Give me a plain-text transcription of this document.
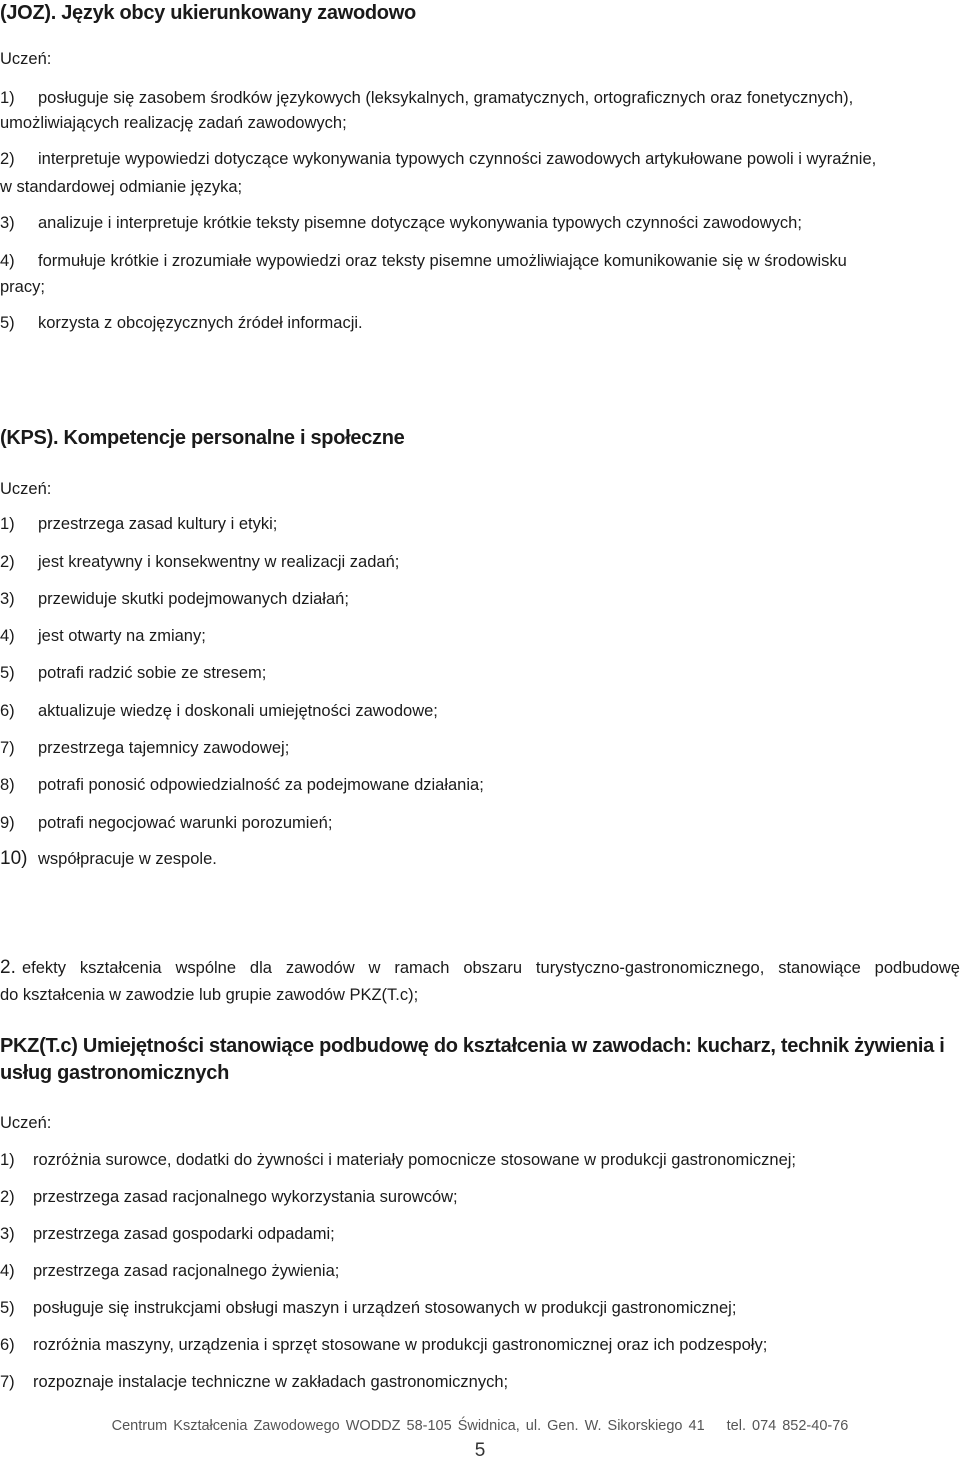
(JOZ). Język obcy ukierunkowany zawodowo
Uczeń:
1) posługuje się zasobem środków językowych (leksykalnych, gramatycznych, ortograficznych oraz fonetycznych),
umożliwiających realizację zadań zawodowych;
2) interpretuje wypowiedzi dotyczące wykonywania typowych czynności zawodowych artykułowane powoli i wyraźnie,
w standardowej odmianie języka;
3) analizuje i interpretuje krótkie teksty pisemne dotyczące wykonywania typowych czynności zawodowych;
4) formułuje krótkie i zrozumiałe wypowiedzi oraz teksty pisemne umożliwiające komunikowanie się w środowisku
pracy;
5) korzysta z obcojęzycznych źródeł informacji.
(KPS). Kompetencje personalne i społeczne
Uczeń:
1) przestrzega zasad kultury i etyki;
2) jest kreatywny i konsekwentny w realizacji zadań;
3) przewiduje skutki podejmowanych działań;
4) jest otwarty na zmiany;
5) potrafi radzić sobie ze stresem;
6) aktualizuje wiedzę i doskonali umiejętności zawodowe;
7) przestrzega tajemnicy zawodowej;
8) potrafi ponosić odpowiedzialność za podejmowane działania;
9) potrafi negocjować warunki porozumień;
10) współpracuje w zespole.
2. efekty kształcenia wspólne dla zawodów w ramach obszaru turystyczno-gastronomicznego, stanowiące podbudowę
do kształcenia w zawodzie lub grupie zawodów PKZ(T.c);
PKZ(T.c) Umiejętności stanowiące podbudowę do kształcenia w zawodach: kucharz, technik żywienia i
usług gastronomicznych
Uczeń:
1) rozróżnia surowce, dodatki do żywności i materiały pomocnicze stosowane w produkcji gastronomicznej;
2) przestrzega zasad racjonalnego wykorzystania surowców;
3) przestrzega zasad gospodarki odpadami;
4) przestrzega zasad racjonalnego żywienia;
5) posługuje się instrukcjami obsługi maszyn i urządzeń stosowanych w produkcji gastronomicznej;
6) rozróżnia maszyny, urządzenia i sprzęt stosowane w produkcji gastronomicznej oraz ich podzespoły;
7) rozpoznaje instalacje techniczne w zakładach gastronomicznych;
Centrum Kształcenia Zawodowego WODDZ 58-105 Świdnica, ul. Gen. W. Sikorskiego 41 tel. 074 852-40-76
5
